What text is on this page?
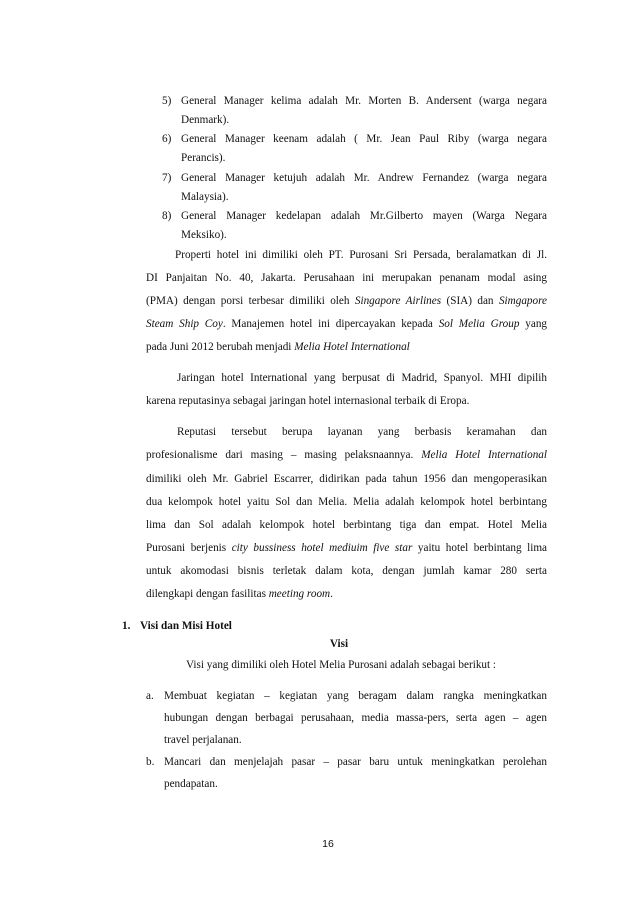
5) General Manager kelima adalah Mr. Morten B. Andersent (warga negara
Denmark).
6) General Manager keenam adalah ( Mr. Jean Paul Riby (warga negara
Perancis).
7) General Manager ketujuh adalah Mr. Andrew Fernandez (warga negara
Malaysia).
8) General Manager kedelapan adalah Mr.Gilberto mayen (Warga Negara
Meksiko).
Properti hotel ini dimiliki oleh PT. Purosani Sri Persada, beralamatkan di Jl.
DI Panjaitan No. 40, Jakarta. Perusahaan ini merupakan penanam modal asing
(PMA) dengan porsi terbesar dimiliki oleh Singapore Airlines (SIA) dan Simgapore
Steam Ship Coy. Manajemen hotel ini dipercayakan kepada Sol Melia Group yang
pada Juni 2012 berubah menjadi Melia Hotel International
Jaringan hotel International yang berpusat di Madrid, Spanyol. MHI dipilih
karena reputasinya sebagai jaringan hotel internasional terbaik di Eropa.
Reputasi tersebut berupa layanan yang berbasis keramahan dan
profesionalisme dari masing – masing pelaksnaannya. Melia Hotel International
dimiliki oleh Mr. Gabriel Escarrer, didirikan pada tahun 1956 dan mengoperasikan
dua kelompok hotel yaitu Sol dan Melia. Melia adalah kelompok hotel berbintang
lima dan Sol adalah kelompok hotel berbintang tiga dan empat. Hotel Melia
Purosani berjenis city bussiness hotel mediuim five star yaitu hotel berbintang lima
untuk akomodasi bisnis terletak dalam kota, dengan jumlah kamar 280 serta
dilengkapi dengan fasilitas meeting room.
1. Visi dan Misi Hotel
Visi
Visi yang dimiliki oleh Hotel Melia Purosani adalah sebagai berikut :
a. Membuat kegiatan – kegiatan yang beragam dalam rangka meningkatkan
hubungan dengan berbagai perusahaan, media massa-pers, serta agen – agen
travel perjalanan.
b. Mancari dan menjelajah pasar – pasar baru untuk meningkatkan perolehan
pendapatan.
16
